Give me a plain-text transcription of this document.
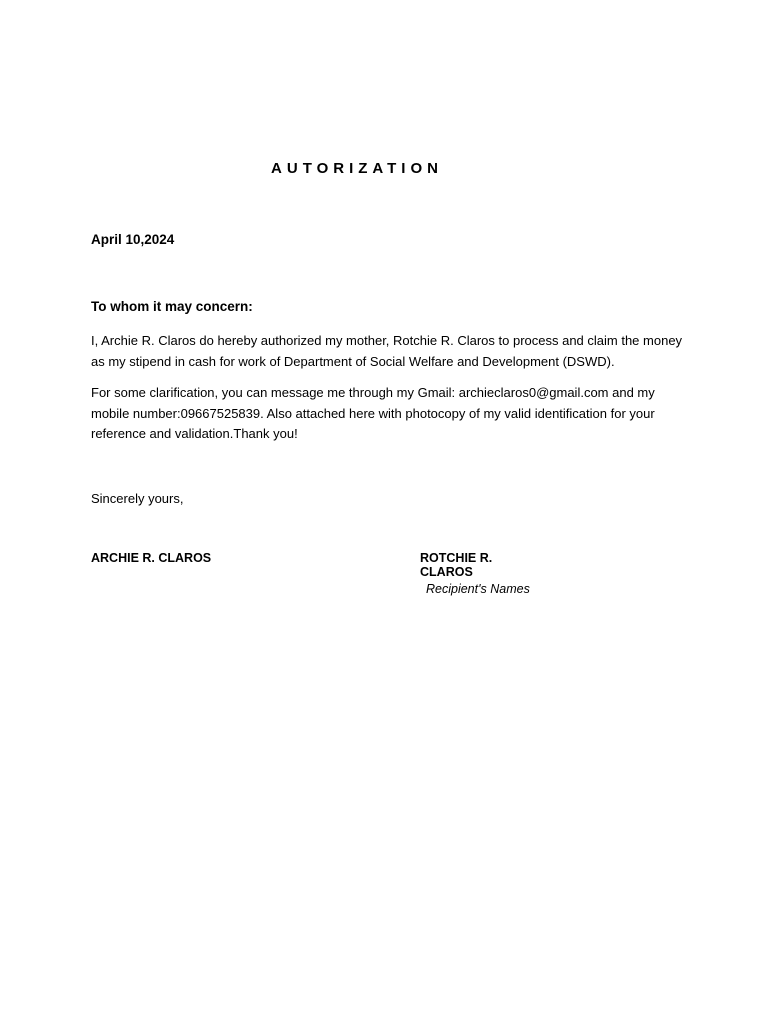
AUTORIZATION
April 10,2024
To whom it may concern:
I, Archie R. Claros do hereby authorized my mother, Rotchie R. Claros to process and claim the money as my stipend in cash for work of Department of Social Welfare and Development (DSWD).
For some clarification, you can message me through my Gmail: archieclaros0@gmail.com and my mobile number:09667525839. Also attached here with photocopy of my valid identification for your reference and validation.Thank you!
Sincerely yours,
ARCHIE R. CLAROS	ROTCHIE R. CLAROS
Recipient's Names
